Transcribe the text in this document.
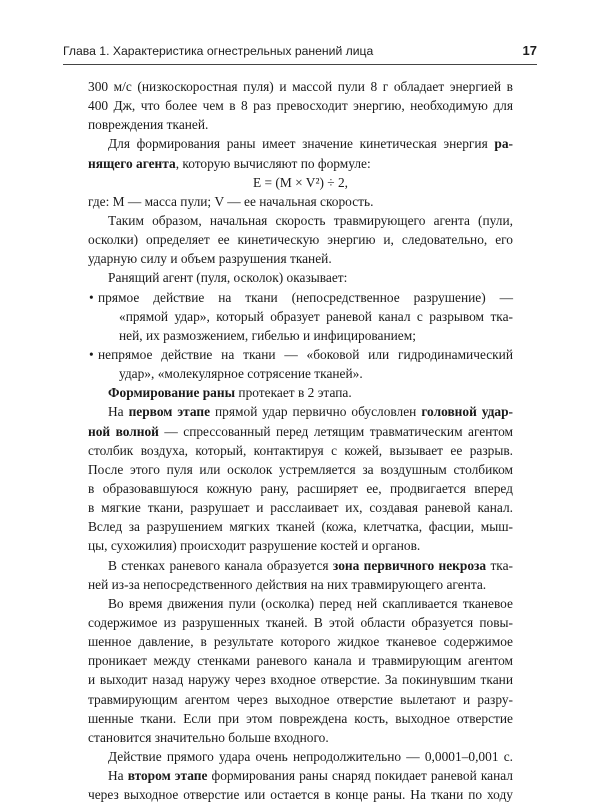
Глава 1. Характеристика огнестрельных ранений лица	17
300 м/с (низкоскоростная пуля) и массой пули 8 г обладает энергией в
400 Дж, что более чем в 8 раз превосходит энергию, необходимую для
повреждения тканей.
Для формирования раны имеет значение кинетическая энергия ра-
нящего агента, которую вычисляют по формуле:
E = (M × V²) ÷ 2,
где: M — масса пули; V — ее начальная скорость.
Таким образом, начальная скорость травмирующего агента (пули,
осколки) определяет ее кинетическую энергию и, следовательно, его
ударную силу и объем разрушения тканей.
Ранящий агент (пуля, осколок) оказывает:
• прямое действие на ткани (непосредственное разрушение) —
«прямой удар», который образует раневой канал с разрывом тка-
ней, их размозжением, гибелью и инфицированием;
• непрямое действие на ткани — «боковой или гидродинамический
удар», «молекулярное сотрясение тканей».
Формирование раны протекает в 2 этапа.
На первом этапе прямой удар первично обусловлен головной удар-
ной волной — спрессованный перед летящим травматическим агентом
столбик воздуха, который, контактируя с кожей, вызывает ее разрыв.
После этого пуля или осколок устремляется за воздушным столбиком
в образовавшуюся кожную рану, расширяет ее, продвигается вперед
в мягкие ткани, разрушает и расслаивает их, создавая раневой канал.
Вслед за разрушением мягких тканей (кожа, клетчатка, фасции, мыш-
цы, сухожилия) происходит разрушение костей и органов.
В стенках раневого канала образуется зона первичного некроза тка-
ней из-за непосредственного действия на них травмирующего агента.
Во время движения пули (осколка) перед ней скапливается тканевое
содержимое из разрушенных тканей. В этой области образуется повы-
шенное давление, в результате которого жидкое тканевое содержимое
проникает между стенками раневого канала и травмирующим агентом
и выходит назад наружу через входное отверстие. За покинувшим ткани
травмирующим агентом через выходное отверстие вылетают и разру-
шенные ткани. Если при этом повреждена кость, выходное отверстие
становится значительно больше входного.
Действие прямого удара очень непродолжительно — 0,0001–0,001 с.
На втором этапе формирования раны снаряд покидает раневой канал
через выходное отверстие или остается в конце раны. На ткани по ходу
